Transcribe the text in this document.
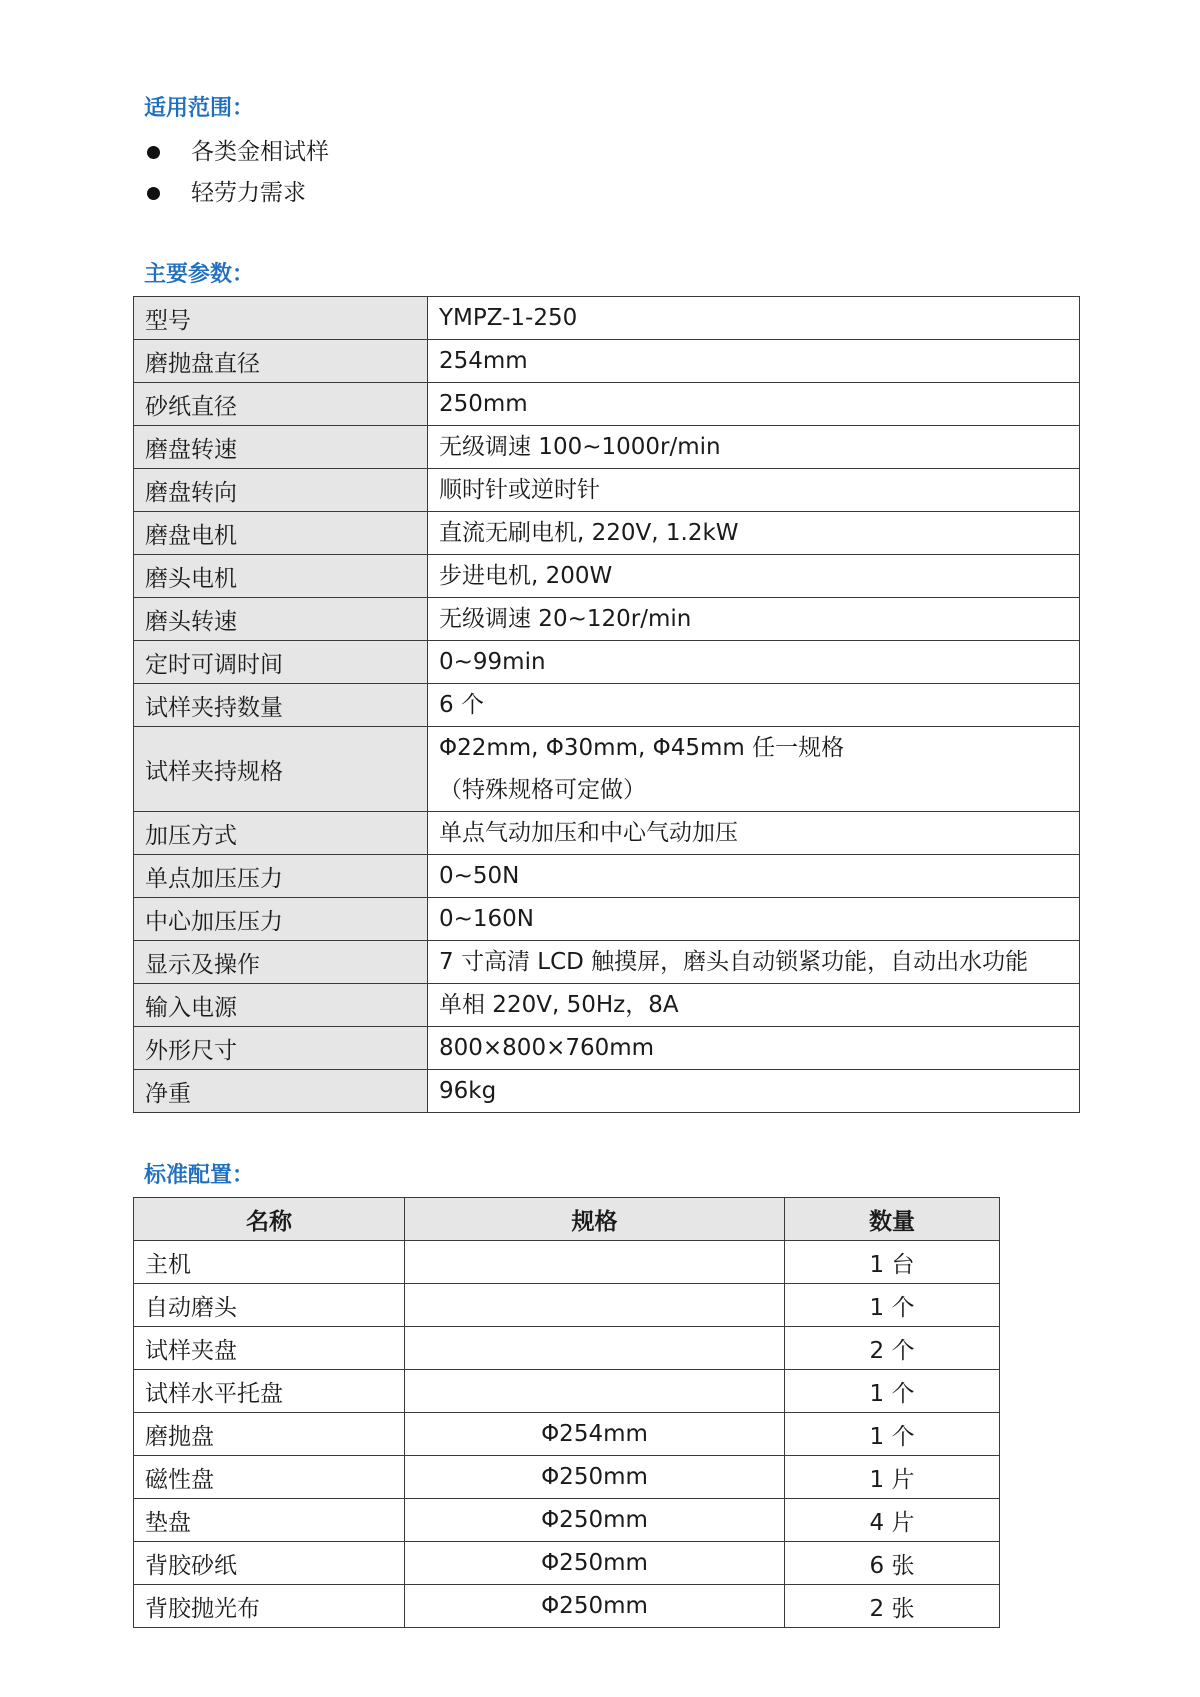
适用范围：
各类金相试样
轻劳力需求
主要参数：
型号	YMPZ-1-250
磨抛盘直径	254mm
砂纸直径	250mm
磨盘转速	无级调速 100~1000r/min
磨盘转向	顺时针或逆时针
磨盘电机	直流无刷电机, 220V, 1.2kW
磨头电机	步进电机, 200W
磨头转速	无级调速 20~120r/min
定时可调时间	0~99min
试样夹持数量	6 个
试样夹持规格	Φ22mm, Φ30mm, Φ45mm 任一规格
（特殊规格可定做）

加压方式	单点气动加压和中心气动加压
单点加压压力	0~50N
中心加压压力	0~160N
显示及操作	7 寸高清 LCD 触摸屏，磨头自动锁紧功能，自动出水功能
输入电源	单相 220V, 50Hz，8A
外形尺寸	800×800×760mm
净重	96kg
标准配置：
名称	规格	数量
主机		1 台
自动磨头		1 个
试样夹盘		2 个
试样水平托盘		1 个
磨抛盘	Φ254mm	1 个
磁性盘	Φ250mm	1 片
垫盘	Φ250mm	4 片
背胶砂纸	Φ250mm	6 张
背胶抛光布	Φ250mm	2 张
